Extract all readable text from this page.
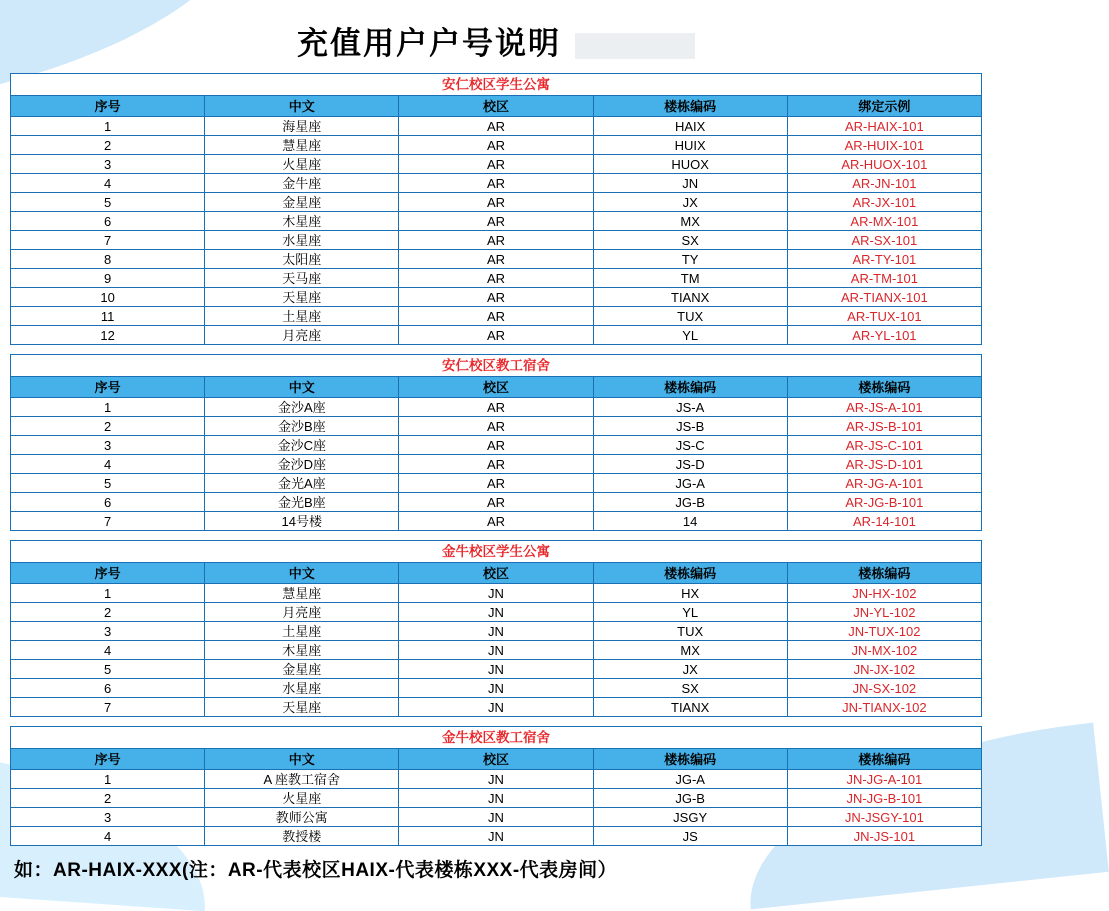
充值用户户号说明
安仁校区学生公寓				
序号	中文	校区	楼栋编码	绑定示例
1	海星座	AR	HAIX	AR-HAIX-101
2	慧星座	AR	HUIX	AR-HUIX-101
3	火星座	AR	HUOX	AR-HUOX-101
4	金牛座	AR	JN	AR-JN-101
5	金星座	AR	JX	AR-JX-101
6	木星座	AR	MX	AR-MX-101
7	水星座	AR	SX	AR-SX-101
8	太阳座	AR	TY	AR-TY-101
9	天马座	AR	TM	AR-TM-101
10	天星座	AR	TIANX	AR-TIANX-101
11	土星座	AR	TUX	AR-TUX-101
12	月亮座	AR	YL	AR-YL-101
安仁校区教工宿舍				
序号	中文	校区	楼栋编码	楼栋编码
1	金沙A座	AR	JS-A	AR-JS-A-101
2	金沙B座	AR	JS-B	AR-JS-B-101
3	金沙C座	AR	JS-C	AR-JS-C-101
4	金沙D座	AR	JS-D	AR-JS-D-101
5	金光A座	AR	JG-A	AR-JG-A-101
6	金光B座	AR	JG-B	AR-JG-B-101
7	14号楼	AR	14	AR-14-101
金牛校区学生公寓				
序号	中文	校区	楼栋编码	楼栋编码
1	慧星座	JN	HX	JN-HX-102
2	月亮座	JN	YL	JN-YL-102
3	土星座	JN	TUX	JN-TUX-102
4	木星座	JN	MX	JN-MX-102
5	金星座	JN	JX	JN-JX-102
6	水星座	JN	SX	JN-SX-102
7	天星座	JN	TIANX	JN-TIANX-102
金牛校区教工宿舍				
序号	中文	校区	楼栋编码	楼栋编码
1	A 座教工宿舍	JN	JG-A	JN-JG-A-101
2	火星座	JN	JG-B	JN-JG-B-101
3	教师公寓	JN	JSGY	JN-JSGY-101
4	教授楼	JN	JS	JN-JS-101
如：AR-HAIX-XXX(注：AR-代表校区HAIX-代表楼栋XXX-代表房间）
